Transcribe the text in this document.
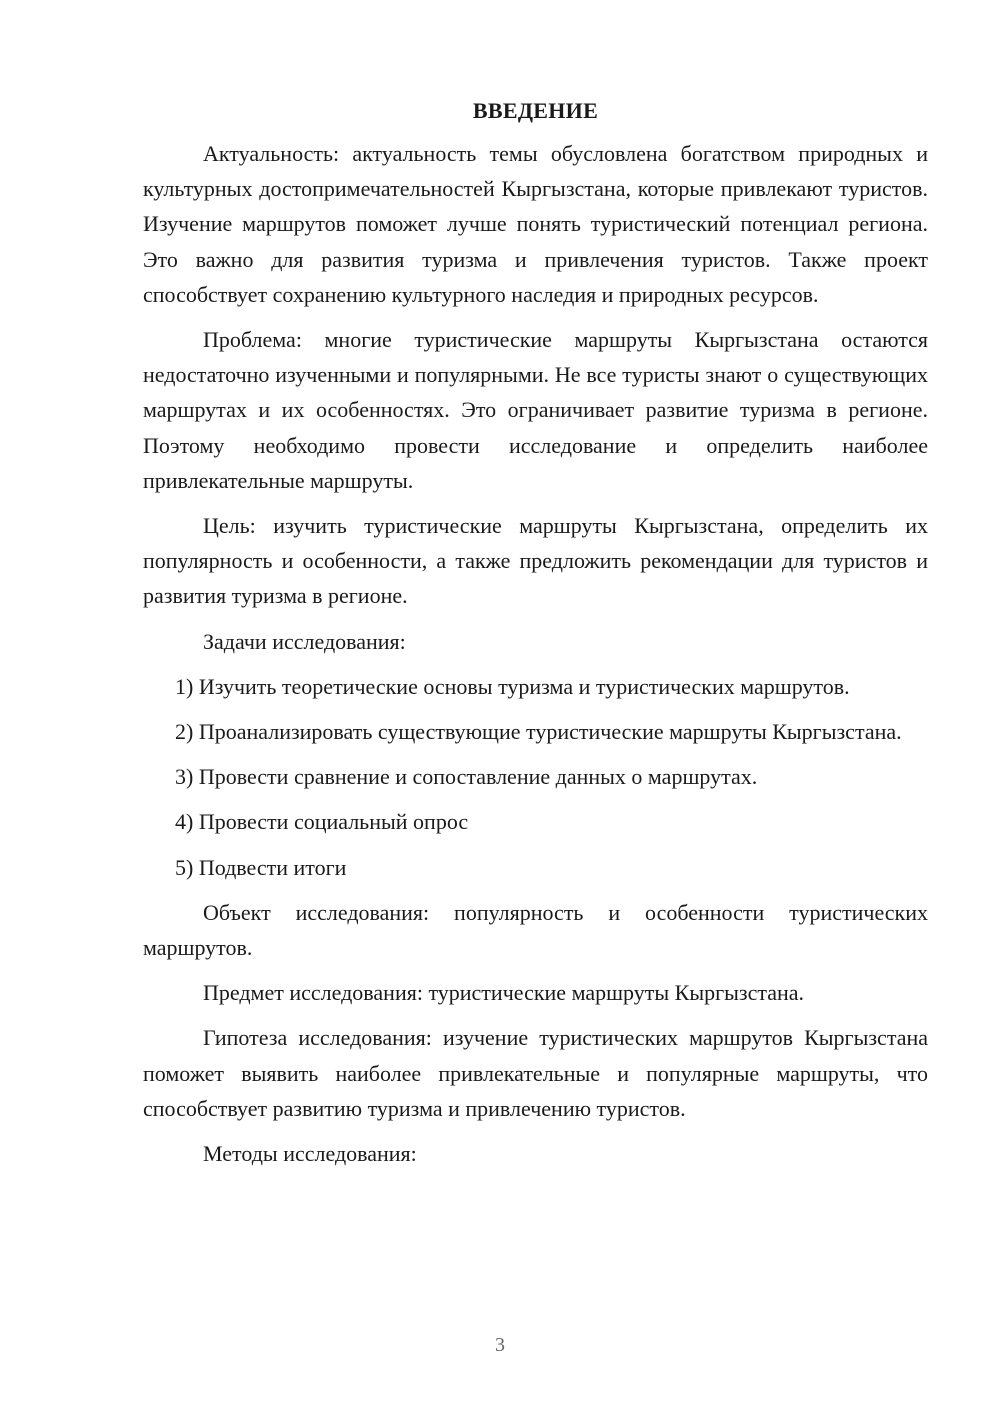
ВВЕДЕНИЕ

Актуальность: актуальность темы обусловлена богатством природных и культурных достопримечательностей Кыргызстана, которые привлекают туристов. Изучение маршрутов поможет лучше понять туристический потенциал региона. Это важно для развития туризма и привлечения туристов. Также проект способствует сохранению культурного наследия и природных ресурсов.

Проблема: многие туристические маршруты Кыргызстана остаются недостаточно изученными и популярными. Не все туристы знают о существующих маршрутах и их особенностях. Это ограничивает развитие туризма в регионе. Поэтому необходимо провести исследование и определить наиболее привлекательные маршруты.

Цель: изучить туристические маршруты Кыргызстана, определить их популярность и особенности, а также предложить рекомендации для туристов и развития туризма в регионе.

Задачи исследования:

1) Изучить теоретические основы туризма и туристических маршрутов.

2) Проанализировать существующие туристические маршруты Кыргызстана.

3) Провести сравнение и сопоставление данных о маршрутах.

4) Провести социальный опрос

5) Подвести итоги

Объект исследования: популярность и особенности туристических маршрутов.

Предмет исследования: туристические маршруты Кыргызстана.

Гипотеза исследования: изучение туристических маршрутов Кыргызстана поможет выявить наиболее привлекательные и популярные маршруты, что способствует развитию туризма и привлечению туристов.

Методы исследования:

3
